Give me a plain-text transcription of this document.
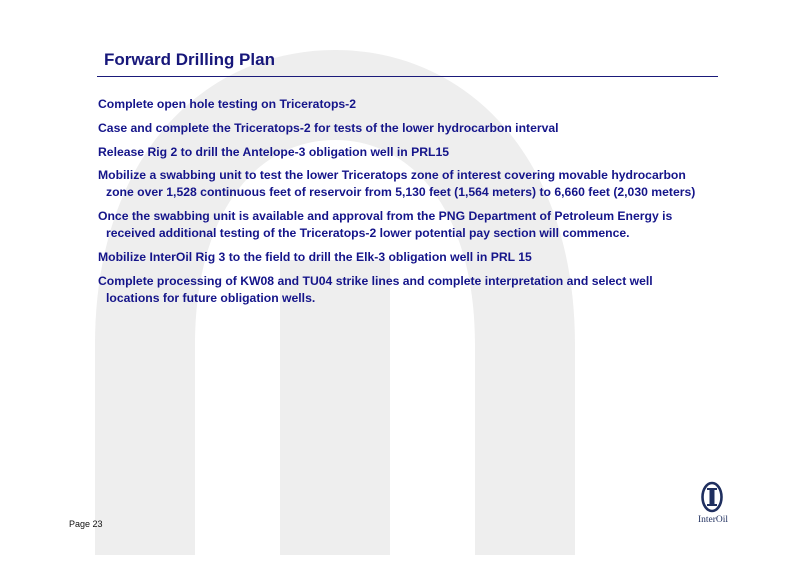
Forward Drilling Plan
Complete open hole testing on Triceratops-2
Case and complete the Triceratops-2 for tests of the lower hydrocarbon interval
Release Rig 2 to drill the Antelope-3 obligation well in PRL15
Mobilize a swabbing unit to test the lower Triceratops zone of interest covering movable hydrocarbon zone over 1,528 continuous feet of reservoir from 5,130 feet (1,564 meters) to 6,660 feet (2,030 meters)
Once the swabbing unit is available and approval from the PNG Department of Petroleum Energy is received additional testing of the Triceratops-2 lower potential pay section will commence.
Mobilize InterOil Rig 3 to the field to drill the Elk-3 obligation well in PRL 15
Complete processing of KW08 and TU04 strike lines and complete interpretation and select well locations for future obligation wells.
Page 23	InterOil
